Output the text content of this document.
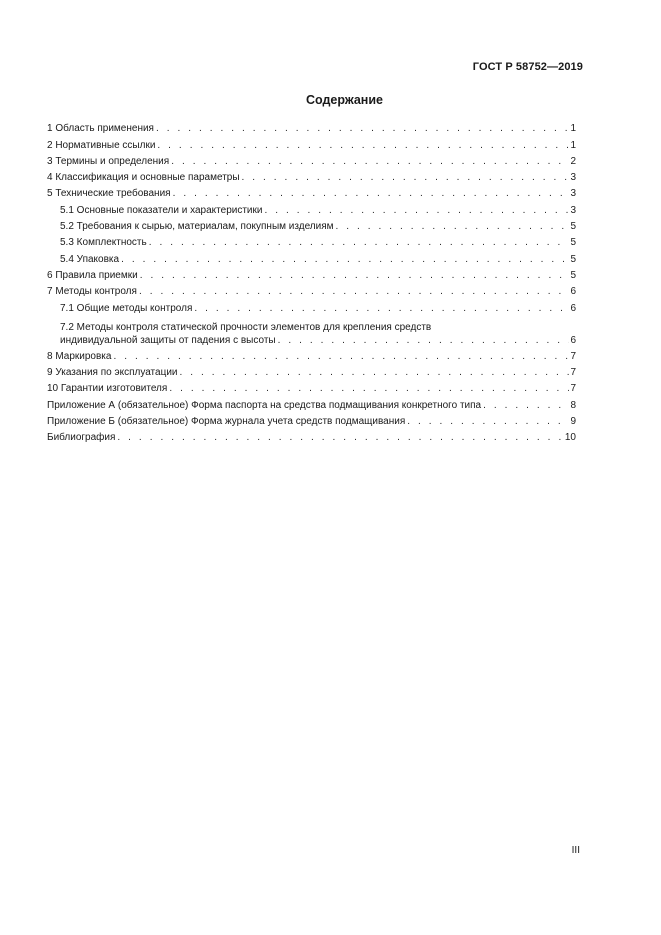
ГОСТ Р 58752—2019
Содержание
1 Область применения . . .	1
2 Нормативные ссылки . . .	1
3 Термины и определения . . .	2
4 Классификация и основные параметры . . .	3
5 Технические требования . . .	3
5.1 Основные показатели и характеристики . . .	3
5.2 Требования к сырью, материалам, покупным изделиям . . .	5
5.3 Комплектность . . .	5
5.4 Упаковка . . .	5
6 Правила приемки . . .	5
7 Методы контроля . . .	6
7.1 Общие методы контроля . . .	6
7.2 Методы контроля статической прочности элементов для крепления средств
индивидуальной защиты от падения с высоты . . .	6
8 Маркировка . . .	7
9 Указания по эксплуатации . . .	7
10 Гарантии изготовителя . . .	7
Приложение А (обязательное) Форма паспорта на средства подмащивания конкретного типа . . .	8
Приложение Б (обязательное) Форма журнала учета средств подмащивания . . .	9
Библиография . . .	10
III
